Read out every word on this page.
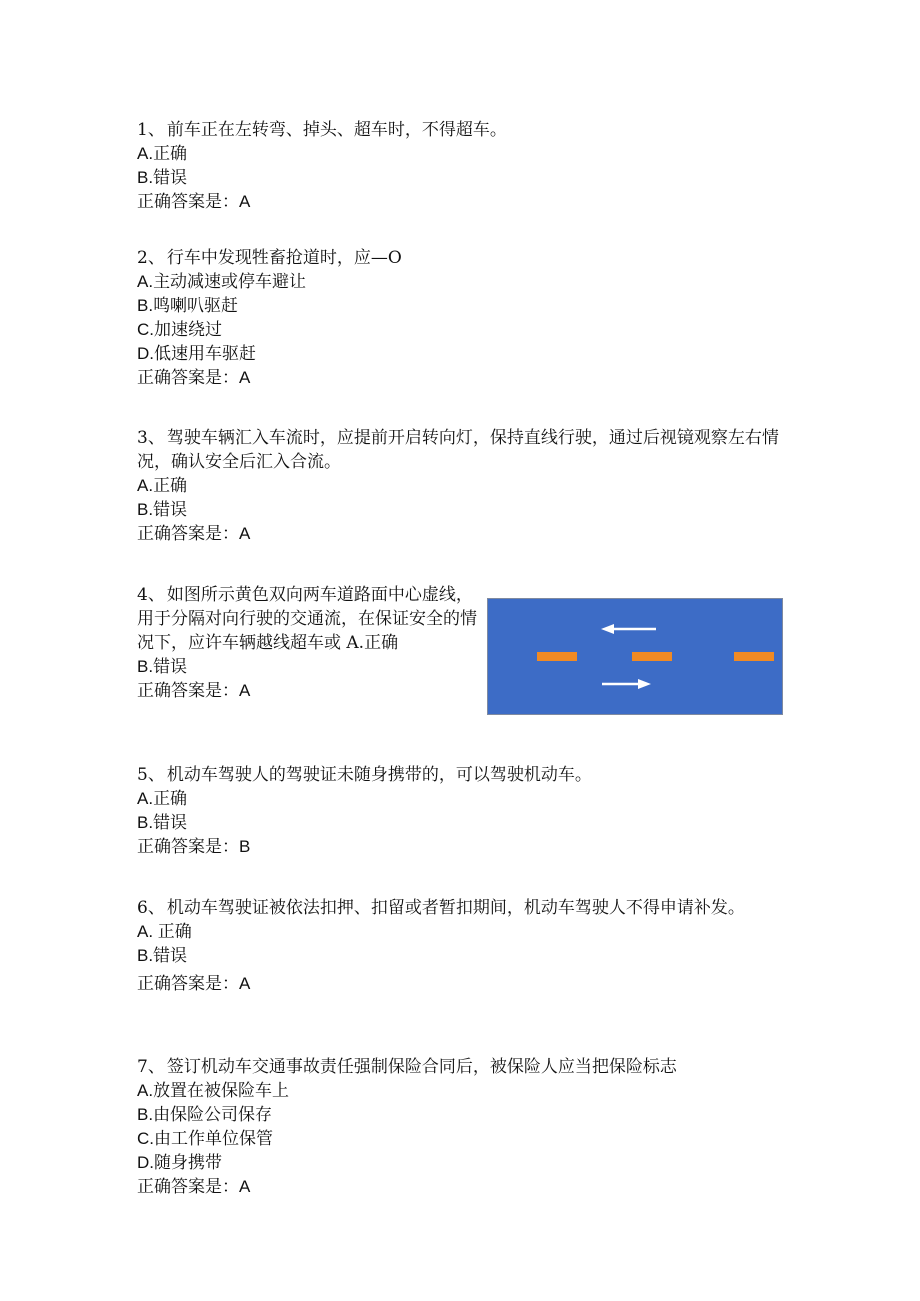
1、 前车正在左转弯、掉头、超车时，不得超车。
A.正确
B.错误
正确答案是：A
2、 行车中发现牲畜抢道时，应—O
A.主动减速或停车避让
B.鸣喇叭驱赶
C.加速绕过
D.低速用车驱赶
正确答案是：A
3、 驾驶车辆汇入车流时，应提前开启转向灯，保持直线行驶，通过后视镜观察左右情况，确认安全后汇入合流。
A.正确
B.错误
正确答案是：A
4、 如图所示黄色双向两车道路面中心虚线，用于分隔对向行驶的交通流，在保证安全的情况下，应许车辆越线超车或 A.正确
B.错误
正确答案是：A
5、 机动车驾驶人的驾驶证未随身携带的，可以驾驶机动车。
A.正确
B.错误
正确答案是：B
6、 机动车驾驶证被依法扣押、扣留或者暂扣期间，机动车驾驶人不得申请补发。
A. 正确
B.错误
正确答案是：A
7、 签订机动车交通事故责任强制保险合同后，被保险人应当把保险标志
A.放置在被保险车上
B.由保险公司保存
C.由工作单位保管
D.随身携带
正确答案是：A
